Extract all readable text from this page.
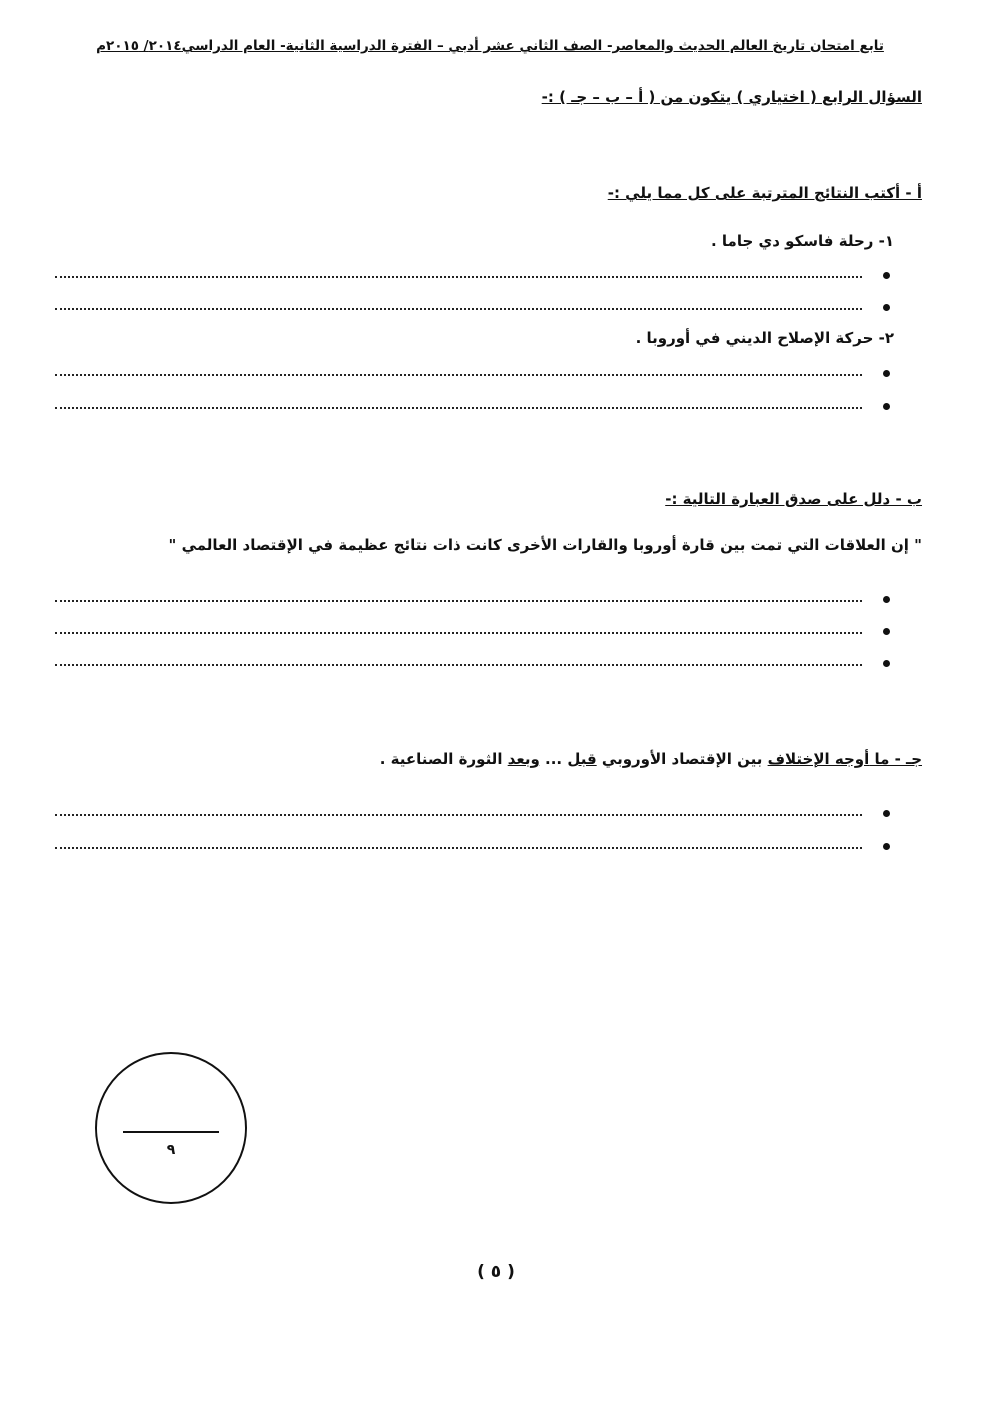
تابع امتحان تاريخ العالم الحديث والمعاصر- الصف الثاني عشر أدبي – الفترة الدراسية الثانية- العام الدراسي٢٠١٤/ ٢٠١٥م
السؤال الرابع ( اختياري ) يتكون من ( أ – ب – جـ ) :-
أ - أكتب النتائج المترتبة على كل مما يلي :-
١- رحلة فاسكو دي جاما .
٢- حركة الإصلاح الديني في أوروبا .
ب - دلل على صدق العبارة التالية :-
" إن العلاقات التي تمت بين قارة أوروبا والقارات الأخرى كانت ذات نتائج عظيمة في الإقتصاد العالمي "
جـ - ما أوجه الإختلاف بين الإقتصاد الأوروبي قبل ... وبعد الثورة الصناعية .
٩
( ٥ )
